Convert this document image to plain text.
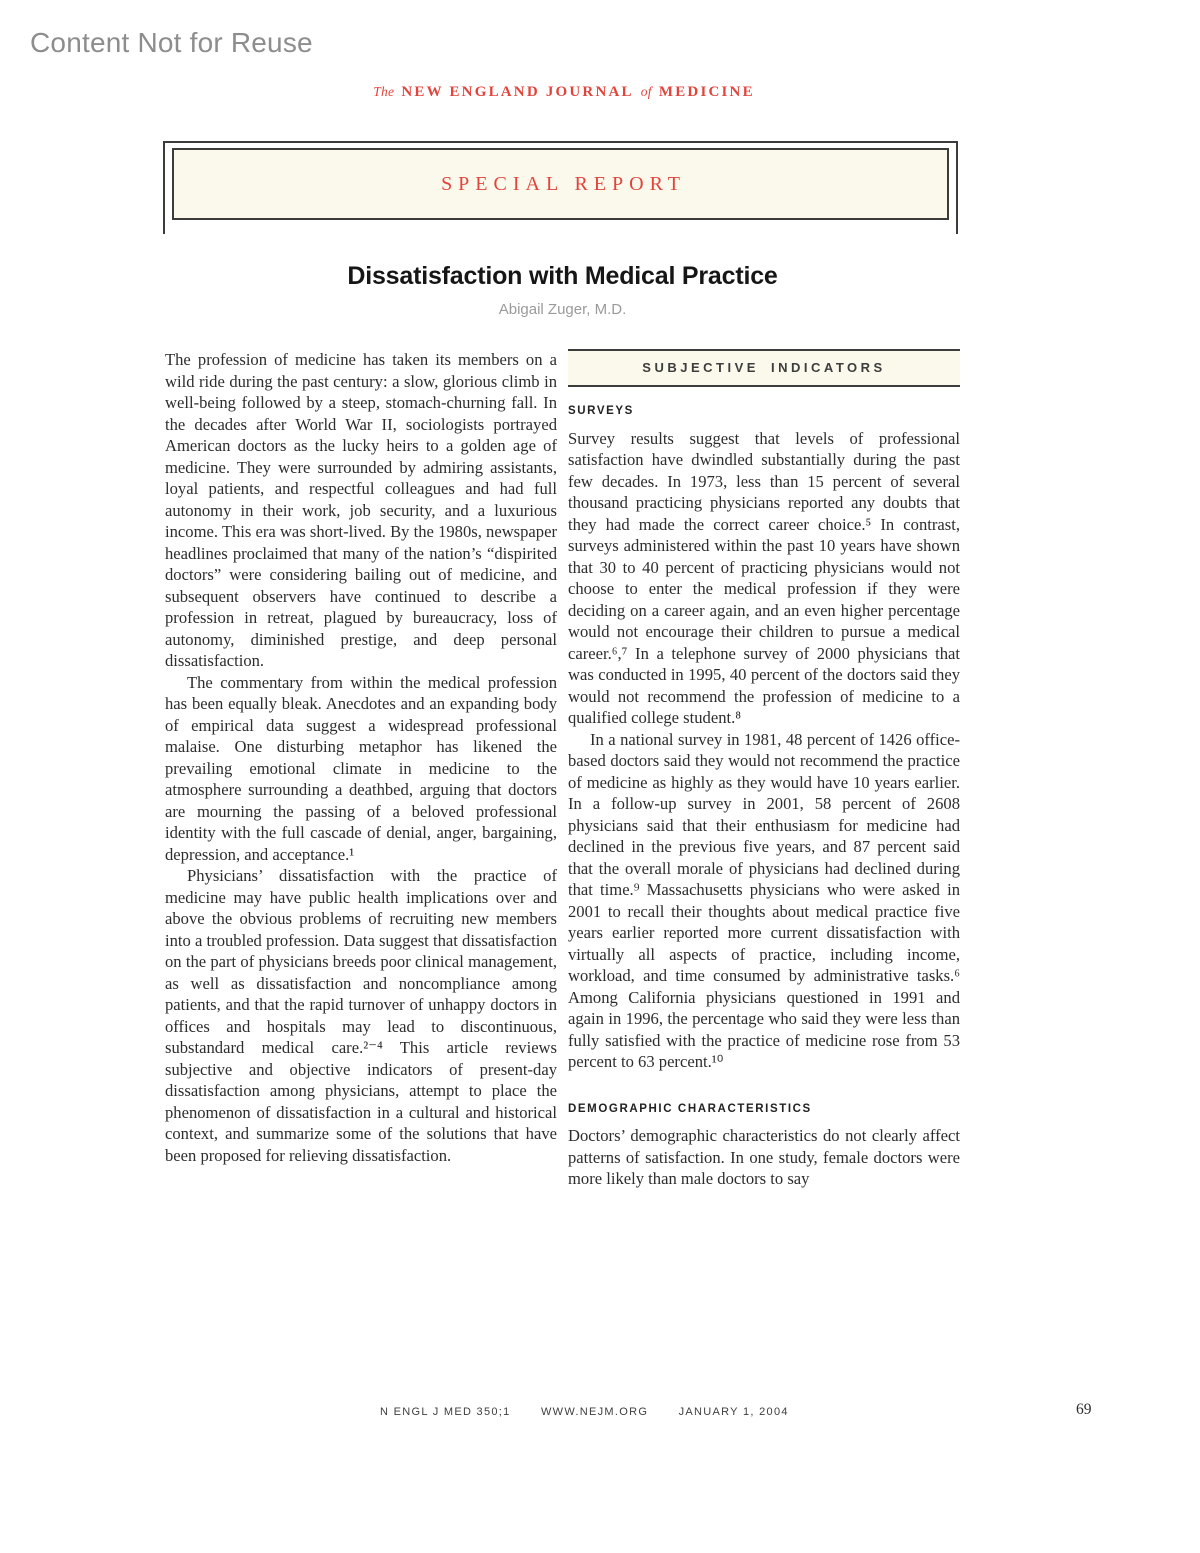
Content Not for Reuse
The NEW ENGLAND JOURNAL of MEDICINE
SPECIAL REPORT
Dissatisfaction with Medical Practice
Abigail Zuger, M.D.

The profession of medicine has taken its members on a wild ride during the past century: a slow, glorious climb in well-being followed by a steep, stomach-churning fall. In the decades after World War II, sociologists portrayed American doctors as the lucky heirs to a golden age of medicine. They were surrounded by admiring assistants, loyal patients, and respectful colleagues and had full autonomy in their work, job security, and a luxurious income. This era was short-lived. By the 1980s, newspaper headlines proclaimed that many of the nation’s “dispirited doctors” were considering bailing out of medicine, and subsequent observers have continued to describe a profession in retreat, plagued by bureaucracy, loss of autonomy, diminished prestige, and deep personal dissatisfaction.

The commentary from within the medical profession has been equally bleak. Anecdotes and an expanding body of empirical data suggest a widespread professional malaise. One disturbing metaphor has likened the prevailing emotional climate in medicine to the atmosphere surrounding a deathbed, arguing that doctors are mourning the passing of a beloved professional identity with the full cascade of denial, anger, bargaining, depression, and acceptance.¹

Physicians’ dissatisfaction with the practice of medicine may have public health implications over and above the obvious problems of recruiting new members into a troubled profession. Data suggest that dissatisfaction on the part of physicians breeds poor clinical management, as well as dissatisfaction and noncompliance among patients, and that the rapid turnover of unhappy doctors in offices and hospitals may lead to discontinuous, substandard medical care.²⁻⁴ This article reviews subjective and objective indicators of present-day dissatisfaction among physicians, attempt to place the phenomenon of dissatisfaction in a cultural and historical context, and summarize some of the solutions that have been proposed for relieving dissatisfaction.

SUBJECTIVE INDICATORS
SURVEYS

Survey results suggest that levels of professional satisfaction have dwindled substantially during the past few decades. In 1973, less than 15 percent of several thousand practicing physicians reported any doubts that they had made the correct career choice.⁵ In contrast, surveys administered within the past 10 years have shown that 30 to 40 percent of practicing physicians would not choose to enter the medical profession if they were deciding on a career again, and an even higher percentage would not encourage their children to pursue a medical career.⁶,⁷ In a telephone survey of 2000 physicians that was conducted in 1995, 40 percent of the doctors said they would not recommend the profession of medicine to a qualified college student.⁸

In a national survey in 1981, 48 percent of 1426 office-based doctors said they would not recommend the practice of medicine as highly as they would have 10 years earlier. In a follow-up survey in 2001, 58 percent of 2608 physicians said that their enthusiasm for medicine had declined in the previous five years, and 87 percent said that the overall morale of physicians had declined during that time.⁹ Massachusetts physicians who were asked in 2001 to recall their thoughts about medical practice five years earlier reported more current dissatisfaction with virtually all aspects of practice, including income, workload, and time consumed by administrative tasks.⁶ Among California physicians questioned in 1991 and again in 1996, the percentage who said they were less than fully satisfied with the practice of medicine rose from 53 percent to 63 percent.¹⁰

DEMOGRAPHIC CHARACTERISTICS

Doctors’ demographic characteristics do not clearly affect patterns of satisfaction. In one study, female doctors were more likely than male doctors to say

N ENGL J MED 350;1	WWW.NEJM.ORG	JANUARY 1, 2004	69
